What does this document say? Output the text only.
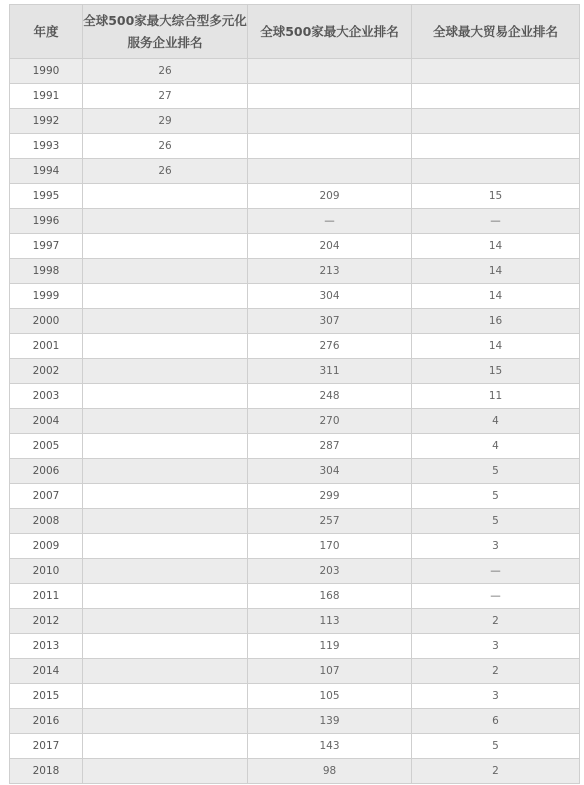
年度	全球500家最大综合型多元化服务企业排名	全球500家最大企业排名	全球最大贸易企业排名
1990	26		
1991	27		
1992	29		
1993	26		
1994	26		
1995		209	15
1996		—	—
1997		204	14
1998		213	14
1999		304	14
2000		307	16
2001		276	14
2002		311	15
2003		248	11
2004		270	4
2005		287	4
2006		304	5
2007		299	5
2008		257	5
2009		170	3
2010		203	—
2011		168	—
2012		113	2
2013		119	3
2014		107	2
2015		105	3
2016		139	6
2017		143	5
2018		98	2
